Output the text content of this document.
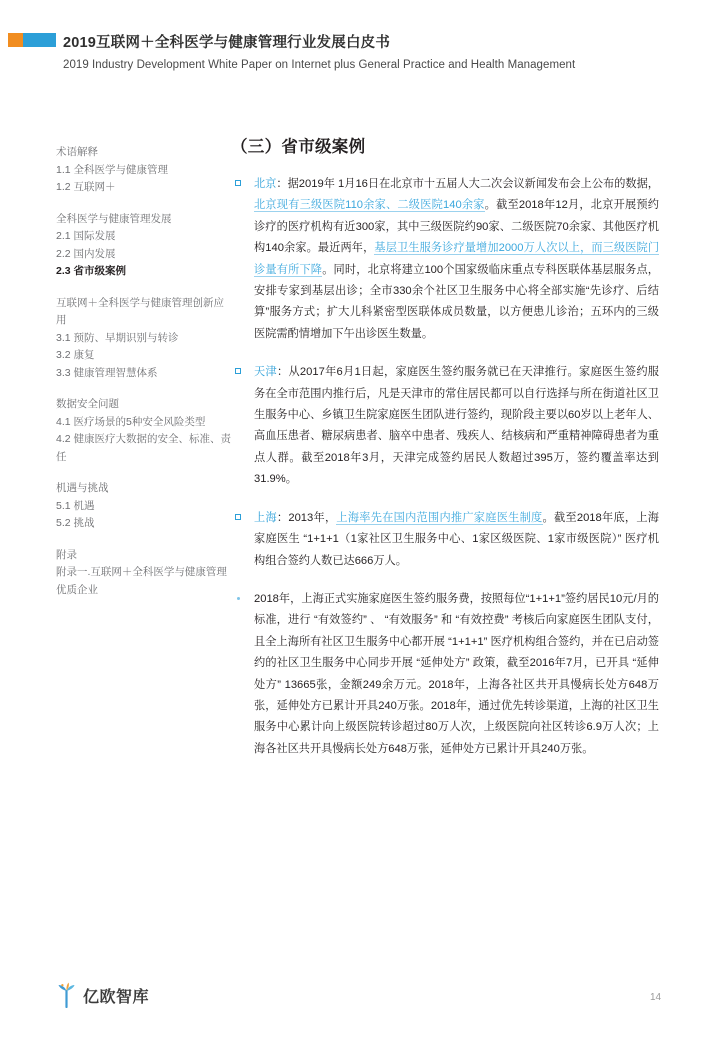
2019互联网＋全科医学与健康管理行业发展白皮书
2019 Industry Development White Paper on Internet plus General Practice and Health Management
术语解释
1.1 全科医学与健康管理
1.2 互联网＋
全科医学与健康管理发展
2.1 国际发展
2.2 国内发展
2.3 省市级案例
互联网＋全科医学与健康管理创新应用
3.1 预防、早期识别与转诊
3.2 康复
3.3 健康管理智慧体系
数据安全问题
4.1 医疗场景的5种安全风险类型
4.2 健康医疗大数据的安全、标准、责任
机遇与挑战
5.1 机遇
5.2 挑战
附录
附录一.互联网＋全科医学与健康管理优质企业
（三）省市级案例
北京：据2019年 1月16日在北京市十五届人大二次会议新闻发布会上公布的数据，北京现有三级医院110余家、二级医院140余家。截至2018年12月，北京开展预约诊疗的医疗机构有近300家，其中三级医院约90家、二级医院70余家、其他医疗机构140余家。最近两年，基层卫生服务诊疗量增加2000万人次以上，而三级医院门诊量有所下降。同时，北京将建立100个国家级临床重点专科医联体基层服务点，安排专家到基层出诊；全市330余个社区卫生服务中心将全部实施“先诊疗、后结算”服务方式；扩大儿科紧密型医联体成员数量，以方便患儿诊治；五环内的三级医院需酌情增加下午出诊医生数量。
天津：从2017年6月1日起，家庭医生签约服务就已在天津推行。家庭医生签约服务在全市范围内推行后，凡是天津市的常住居民都可以自行选择与所在街道社区卫生服务中心、乡镇卫生院家庭医生团队进行签约，现阶段主要以60岁以上老年人、高血压患者、糖尿病患者、脑卒中患者、残疾人、结核病和严重精神障碍患者为重点人群。截至2018年3月，天津完成签约居民人数超过395万，签约覆盖率达到31.9%。
上海：2013年，上海率先在国内范围内推广家庭医生制度。截至2018年底，上海家庭医生 “1+1+1（1家社区卫生服务中心、1家区级医院、1家市级医院）” 医疗机构组合签约人数已达666万人。
2018年，上海正式实施家庭医生签约服务费，按照每位“1+1+1”签约居民10元/月的标准，进行 “有效签约” 、 “有效服务” 和 “有效控费” 考核后向家庭医生团队支付，且全上海所有社区卫生服务中心都开展 “1+1+1” 医疗机构组合签约，并在已启动签约的社区卫生服务中心同步开展 “延伸处方” 政策，截至2016年7月，已开具 “延伸处方” 13665张，金额249余万元。2018年，上海各社区共开具慢病长处方648万张，延伸处方已累计开具240万张。2018年，通过优先转诊渠道，上海的社区卫生服务中心累计向上级医院转诊超过80万人次，上级医院向社区转诊6.9万人次；上海各社区共开具慢病长处方648万张，延伸处方已累计开具240万张。
亿欧智库	14
